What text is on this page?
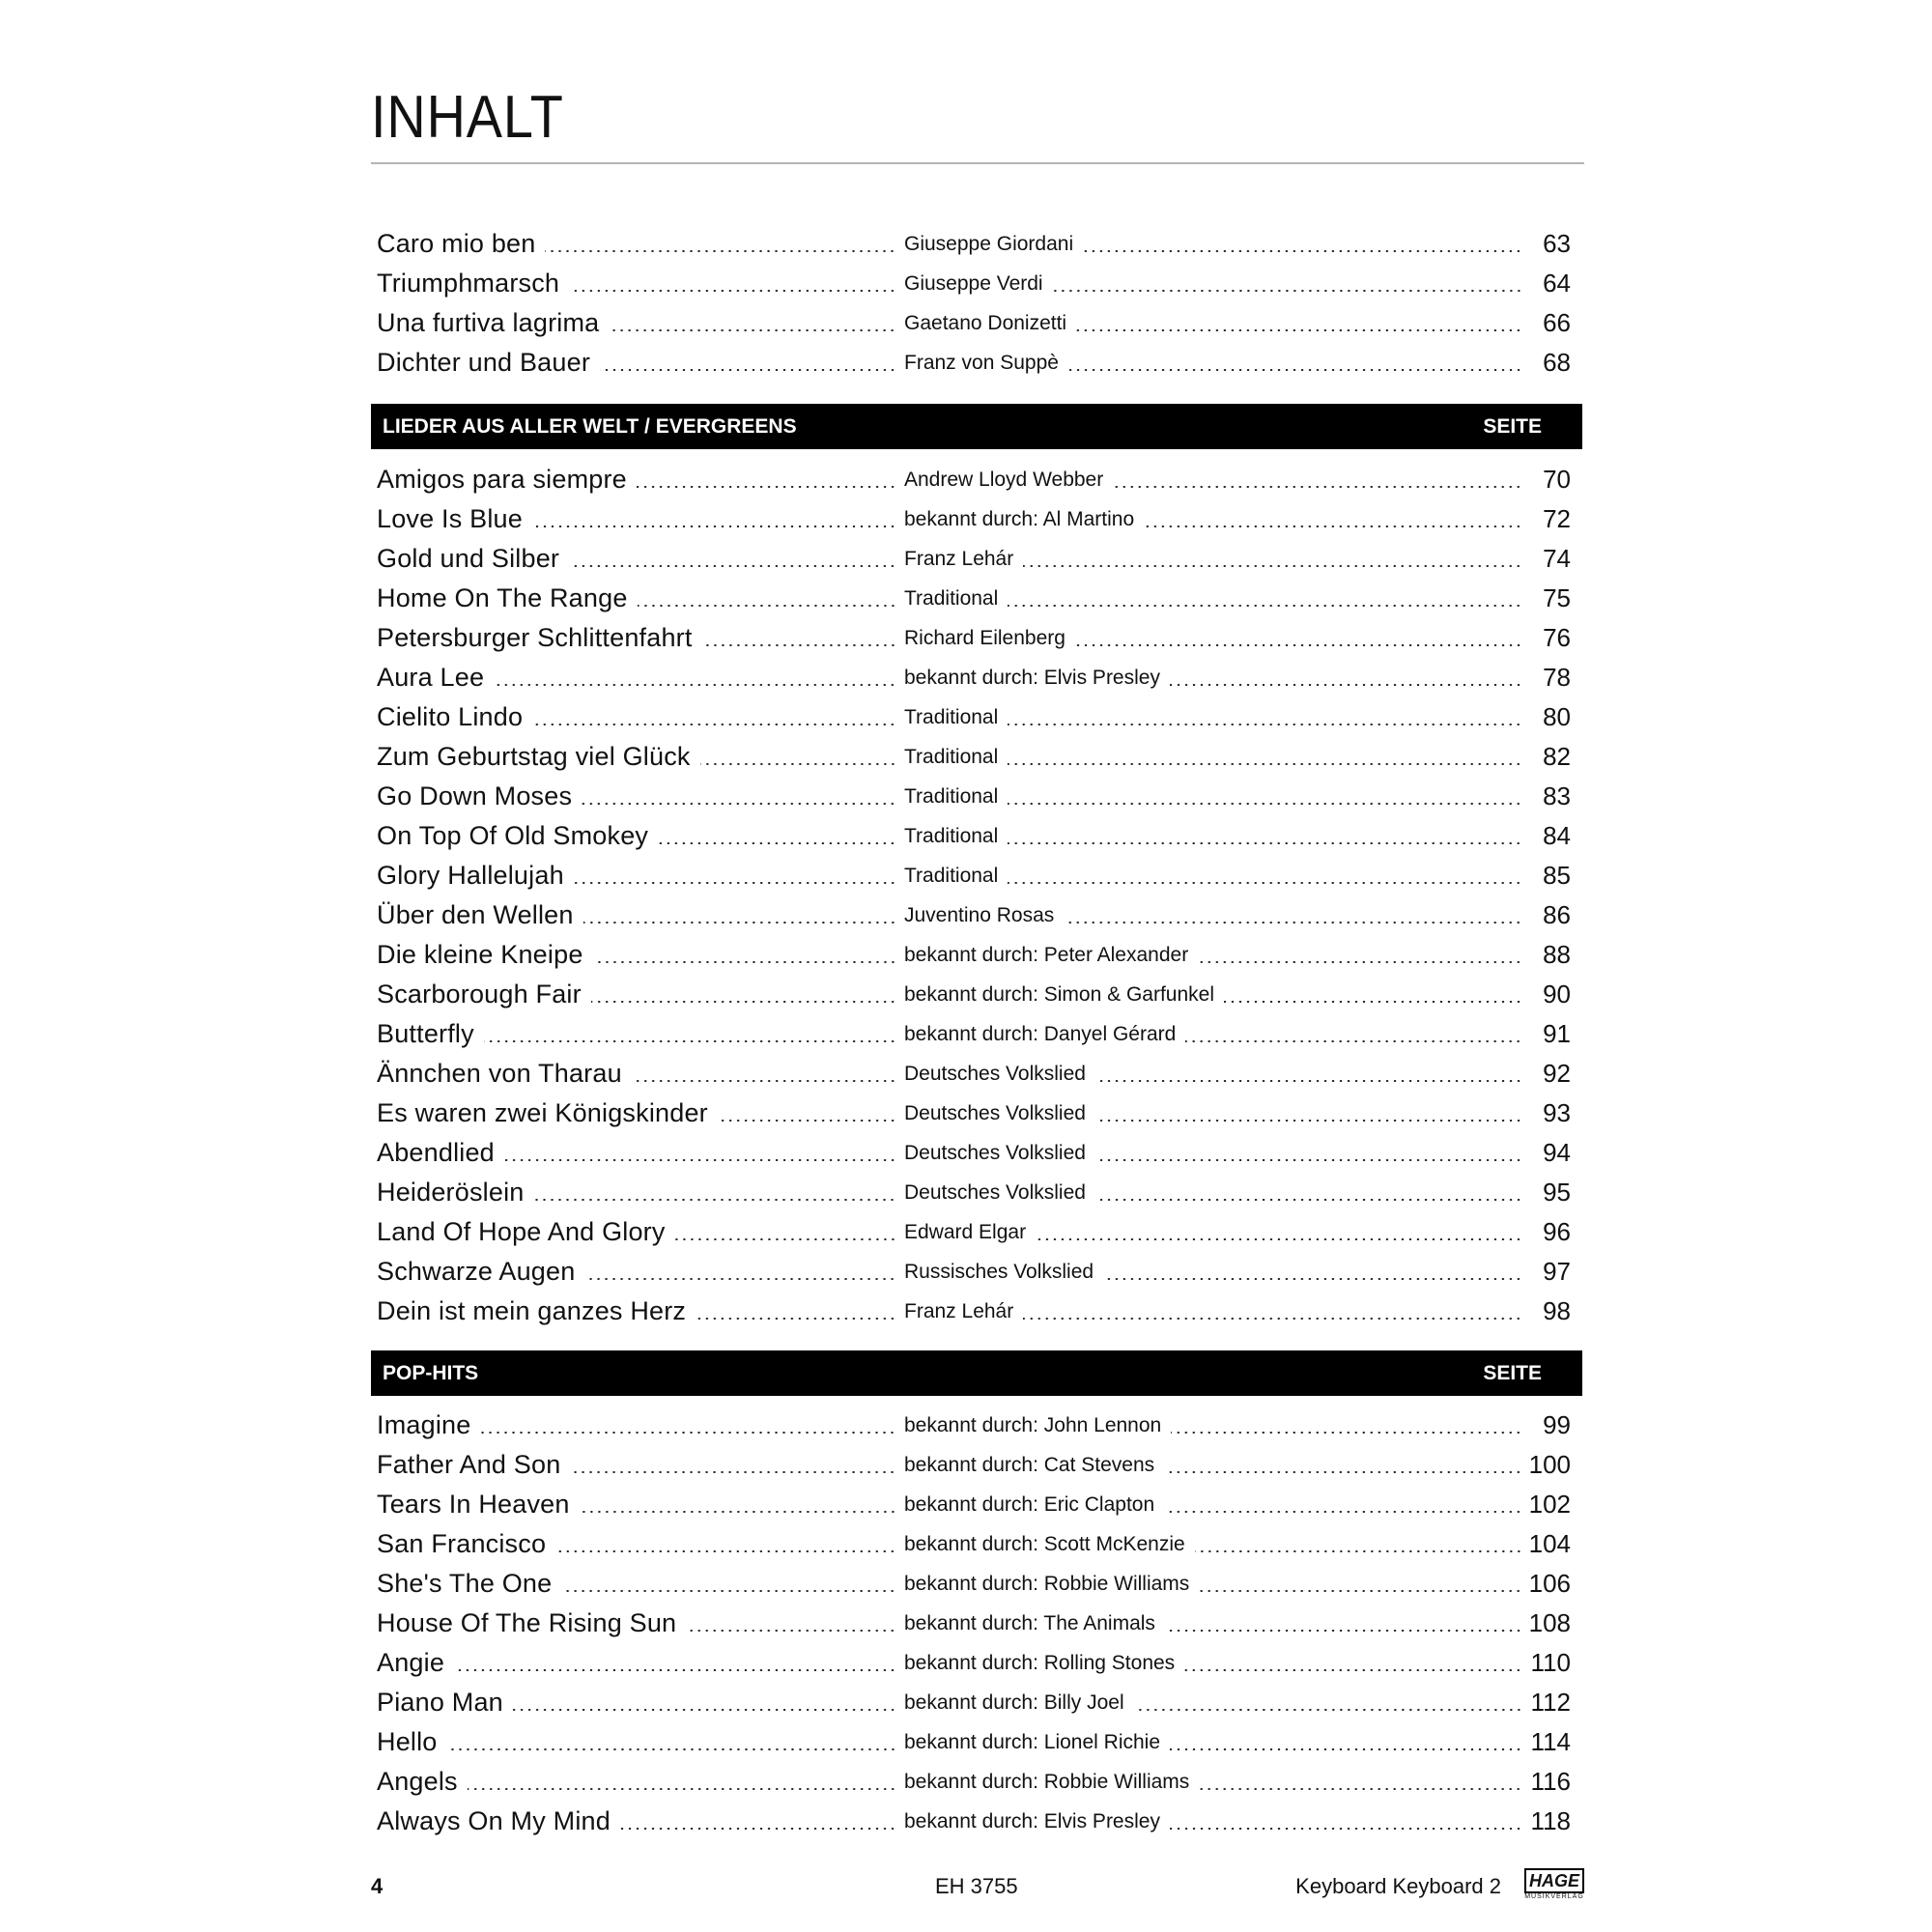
INHALT
Caro mio ben	Giuseppe Giordani	63
Triumphmarsch	Giuseppe Verdi	64
Una furtiva lagrima	Gaetano Donizetti	66
Dichter und Bauer	Franz von Suppè	68
LIEDER AUS ALLER WELT / EVERGREENS	SEITE
Amigos para siempre	Andrew Lloyd Webber	70
Love Is Blue	bekannt durch: Al Martino	72
Gold und Silber	Franz Lehár	74
Home On The Range	Traditional	75
Petersburger Schlittenfahrt	Richard Eilenberg	76
Aura Lee	bekannt durch: Elvis Presley	78
Cielito Lindo	Traditional	80
Zum Geburtstag viel Glück	Traditional	82
Go Down Moses	Traditional	83
On Top Of Old Smokey	Traditional	84
Glory Hallelujah	Traditional	85
Über den Wellen	Juventino Rosas	86
Die kleine Kneipe	bekannt durch: Peter Alexander	88
Scarborough Fair	bekannt durch: Simon & Garfunkel	90
Butterfly	bekannt durch: Danyel Gérard	91
Ännchen von Tharau	Deutsches Volkslied	92
Es waren zwei Königskinder	Deutsches Volkslied	93
Abendlied	Deutsches Volkslied	94
Heideröslein	Deutsches Volkslied	95
Land Of Hope And Glory	Edward Elgar	96
Schwarze Augen	Russisches Volkslied	97
Dein ist mein ganzes Herz	Franz Lehár	98
POP-HITS	SEITE
Imagine	bekannt durch: John Lennon	99
Father And Son	bekannt durch: Cat Stevens	100
Tears In Heaven	bekannt durch: Eric Clapton	102
San Francisco	bekannt durch: Scott McKenzie	104
She's The One	bekannt durch: Robbie Williams	106
House Of The Rising Sun	bekannt durch: The Animals	108
Angie	bekannt durch: Rolling Stones	110
Piano Man	bekannt durch: Billy Joel	112
Hello	bekannt durch: Lionel Richie	114
Angels	bekannt durch: Robbie Williams	116
Always On My Mind	bekannt durch: Elvis Presley	118
4	EH 3755	Keyboard Keyboard 2 HAGE
MUSIKVERLAG
